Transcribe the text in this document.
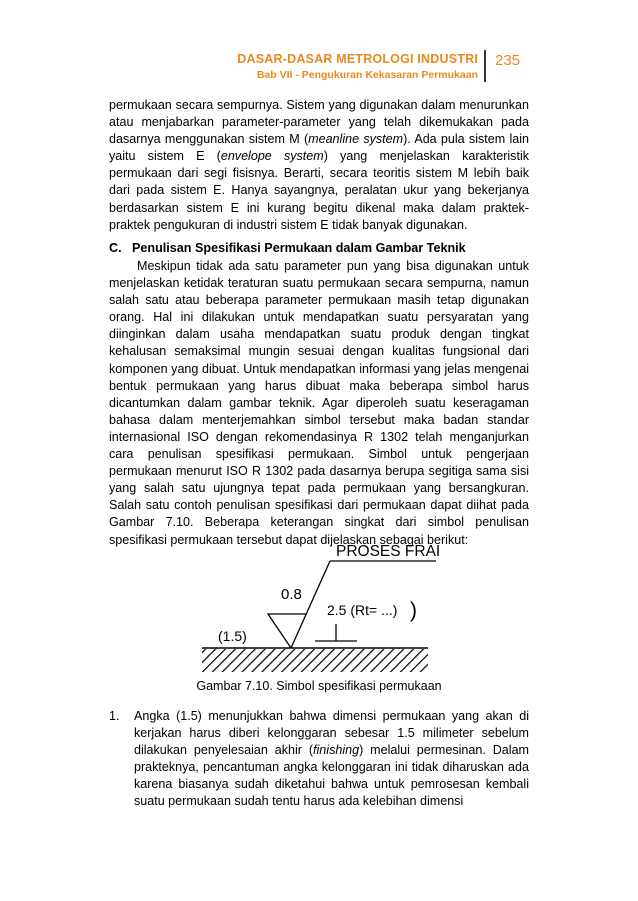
DASAR-DASAR METROLOGI INDUSTRI
Bab VII - Pengukuran Kekasaran Permukaan
235

permukaan secara sempurnya. Sistem yang digunakan dalam menurunkan atau menjabarkan parameter-parameter yang telah dikemukakan pada dasarnya menggunakan sistem M (meanline system). Ada pula sistem lain yaitu sistem E (envelope system) yang menjelaskan karakteristik permukaan dari segi fisisnya. Berarti, secara teoritis sistem M lebih baik dari pada sistem E. Hanya sayangnya, peralatan ukur yang bekerjanya berdasarkan sistem E ini kurang begitu dikenal maka dalam praktek-praktek pengukuran di industri sistem E tidak banyak digunakan.

C. Penulisan Spesifikasi Permukaan dalam Gambar Teknik

Meskipun tidak ada satu parameter pun yang bisa digunakan untuk menjelaskan ketidak teraturan suatu permukaan secara sempurna, namun salah satu atau beberapa parameter permukaan masih tetap digunakan orang. Hal ini dilakukan untuk mendapatkan suatu persyaratan yang diinginkan dalam usaha mendapatkan suatu produk dengan tingkat kehalusan semaksimal mungin sesuai dengan kualitas fungsional dari komponen yang dibuat. Untuk mendapatkan informasi yang jelas mengenai bentuk permukaan yang harus dibuat maka beberapa simbol harus dicantumkan dalam gambar teknik. Agar diperoleh suatu keseragaman bahasa dalam menterjemahkan simbol tersebut maka badan standar internasional ISO dengan rekomendasinya R 1302 telah menganjurkan cara penulisan spesifikasi permukaan. Simbol untuk pengerjaan permukaan menurut ISO R 1302 pada dasarnya berupa segitiga sama sisi yang salah satu ujungnya tepat pada permukaan yang bersangkuran. Salah satu contoh penulisan spesifikasi dari permukaan dapat diihat pada Gambar 7.10. Beberapa keterangan singkat dari simbol penulisan spesifikasi permukaan tersebut dapat dijelaskan sebagai berikut:

PROSES FRAIS
0.8
2.5 (Rt= ...) )
(1.5)
Gambar 7.10. Simbol spesifikasi permukaan
1. Angka (1.5) menunjukkan bahwa dimensi permukaan yang akan di kerjakan harus diberi kelonggaran sebesar 1.5 milimeter sebelum dilakukan penyelesaian akhir (finishing) melalui permesinan. Dalam prakteknya, pencantuman angka kelonggaran ini tidak diharuskan ada karena biasanya sudah diketahui bahwa untuk pemrosesan kembali suatu permukaan sudah tentu harus ada kelebihan dimensi
